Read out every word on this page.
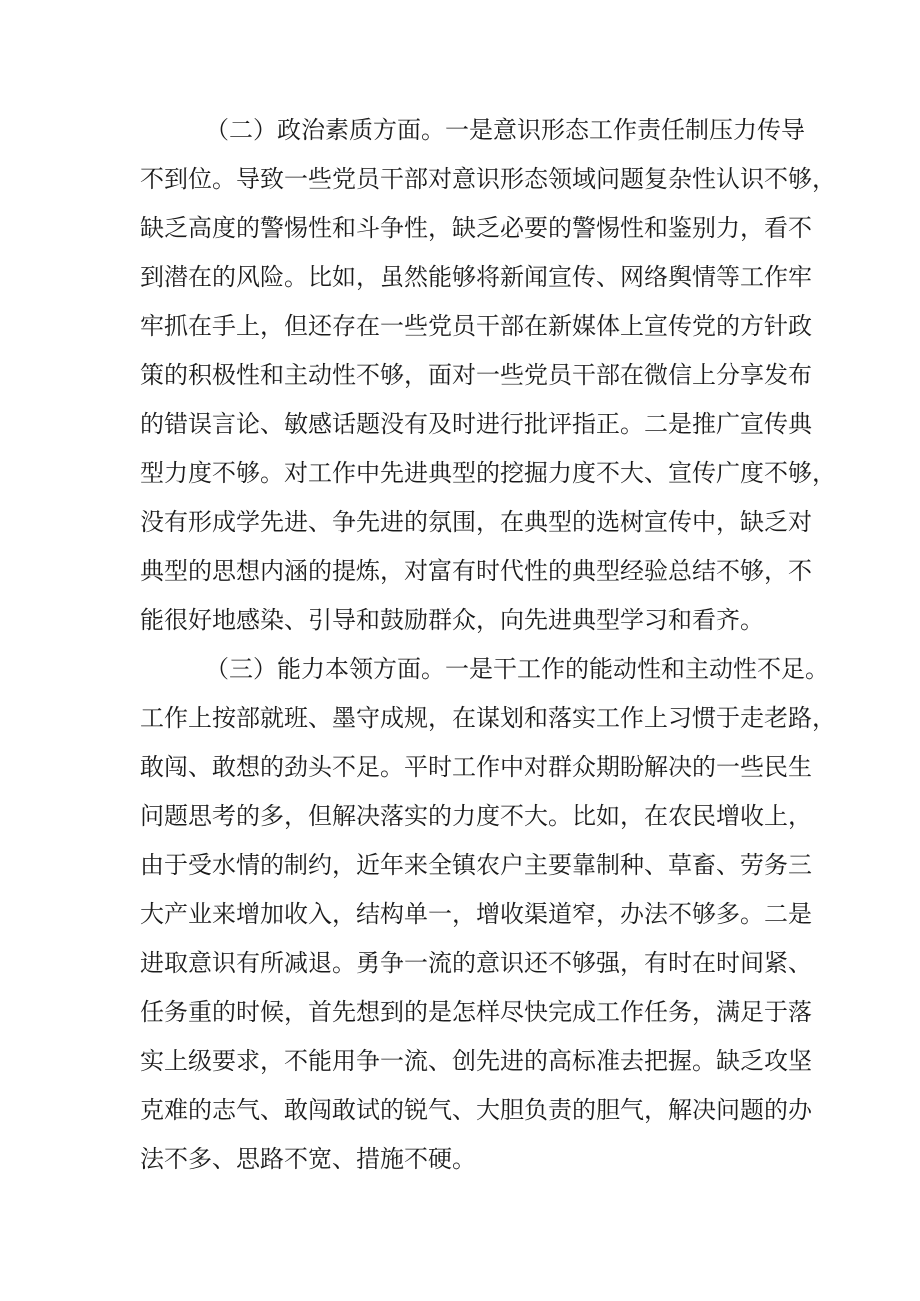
（二）政治素质方面。一是意识形态工作责任制压力传导
不到位。导致一些党员干部对意识形态领域问题复杂性认识不够，
缺乏高度的警惕性和斗争性，缺乏必要的警惕性和鉴别力，看不
到潜在的风险。比如，虽然能够将新闻宣传、网络舆情等工作牢
牢抓在手上，但还存在一些党员干部在新媒体上宣传党的方针政
策的积极性和主动性不够，面对一些党员干部在微信上分享发布
的错误言论、敏感话题没有及时进行批评指正。二是推广宣传典
型力度不够。对工作中先进典型的挖掘力度不大、宣传广度不够，
没有形成学先进、争先进的氛围，在典型的选树宣传中，缺乏对
典型的思想内涵的提炼，对富有时代性的典型经验总结不够，不
能很好地感染、引导和鼓励群众，向先进典型学习和看齐。
（三）能力本领方面。一是干工作的能动性和主动性不足。
工作上按部就班、墨守成规，在谋划和落实工作上习惯于走老路，
敢闯、敢想的劲头不足。平时工作中对群众期盼解决的一些民生
问题思考的多，但解决落实的力度不大。比如，在农民增收上，
由于受水情的制约，近年来全镇农户主要靠制种、草畜、劳务三
大产业来增加收入，结构单一，增收渠道窄，办法不够多。二是
进取意识有所减退。勇争一流的意识还不够强，有时在时间紧、
任务重的时候，首先想到的是怎样尽快完成工作任务，满足于落
实上级要求，不能用争一流、创先进的高标准去把握。缺乏攻坚
克难的志气、敢闯敢试的锐气、大胆负责的胆气，解决问题的办
法不多、思路不宽、措施不硬。
